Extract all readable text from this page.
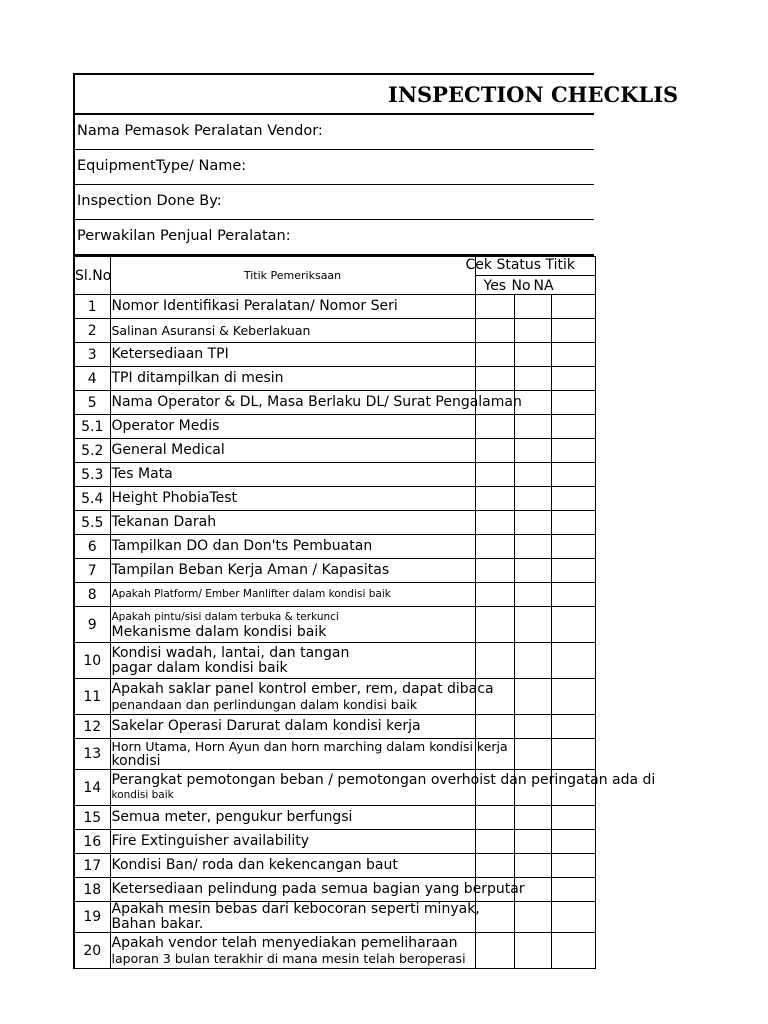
INSPECTION CHECKLIS
Nama Pemasok Peralatan Vendor:
EquipmentType/ Name:
Inspection Done By:
Perwakilan Penjual Peralatan:
Sl.No	Titik Pemeriksaan	Cek Status Titik		

		Yes No NA		

1	Nomor Identifikasi Peralatan/ Nomor Seri			

2	Salinan Asuransi & Keberlakuan			

3	Ketersediaan TPI			

4	TPI ditampilkan di mesin			

5	Nama Operator & DL, Masa Berlaku DL/ Surat Pengalaman			

5.1	Operator Medis			

5.2	General Medical			

5.3	Tes Mata			

5.4	Height PhobiaTest			

5.5	Tekanan Darah			

6	Tampilkan DO dan Don'ts Pembuatan			

7	Tampilan Beban Kerja Aman / Kapasitas			

8	Apakah Platform/ Ember Manlifter dalam kondisi baik			

9	Apakah pintu/sisi dalam terbuka & terkunci
Mekanisme dalam kondisi baik			

10	Kondisi wadah, lantai, dan tangan
pagar dalam kondisi baik			

11	Apakah saklar panel kontrol ember, rem, dapat dibaca
penandaan dan perlindungan dalam kondisi baik			

12	Sakelar Operasi Darurat dalam kondisi kerja			

13	Horn Utama, Horn Ayun dan horn marching dalam kondisi kerja
kondisi			

14	Perangkat pemotongan beban / pemotongan overhoist dan peringatan ada di
kondisi baik			

15	Semua meter, pengukur berfungsi			

16	Fire Extinguisher availability			

17	Kondisi Ban/ roda dan kekencangan baut			

18	Ketersediaan pelindung pada semua bagian yang berputar			

19	Apakah mesin bebas dari kebocoran seperti minyak,
Bahan bakar.			

20	Apakah vendor telah menyediakan pemeliharaan
laporan 3 bulan terakhir di mana mesin telah beroperasi			
